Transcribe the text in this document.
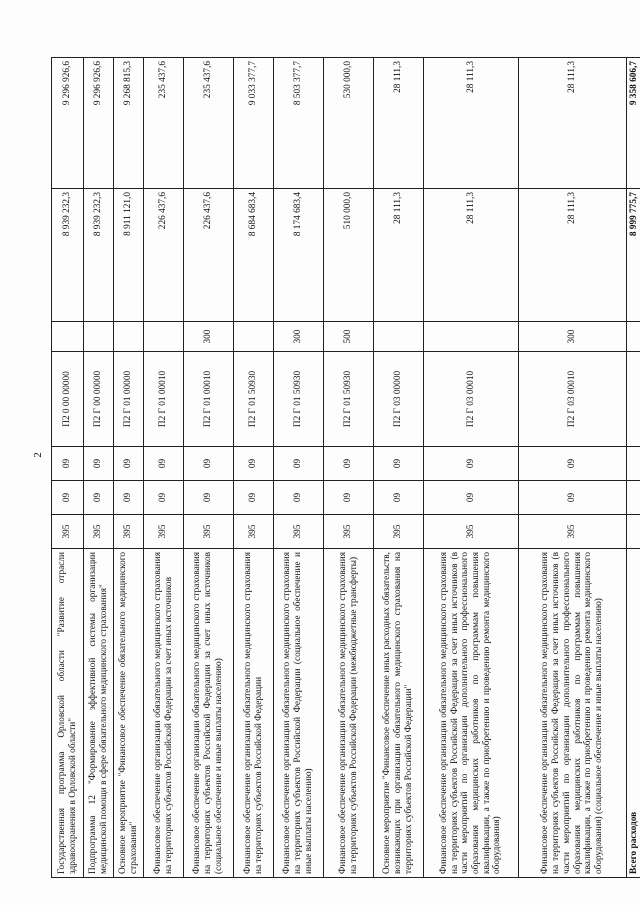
2
Государственная программа Орловской области "Развитие отрасли здравоохранения в Орловской области"	395	09	09	П2 0 00 00000		8 939 232,3	9 296 926,6
Подпрограмма 12 "Формирование эффективной системы организации медицинской помощи в сфере обязательного медицинского страхования"	395	09	09	П2 Г 00 00000		8 939 232,3	9 296 926,6
Основное мероприятие "Финансовое обеспечение обязательного медицинского страхования"	395	09	09	П2 Г 01 00000		8 911 121,0	9 268 815,3
Финансовое обеспечение организации обязательного медицинского страхования на территориях субъектов Российской Федерации за счет иных источников	395	09	09	П2 Г 01 00010		226 437,6	235 437,6
Финансовое обеспечение организации обязательного медицинского страхования на территориях субъектов Российской Федерации за счет иных источников (социальное обеспечение и иные выплаты населению)	395	09	09	П2 Г 01 00010	300	226 437,6	235 437,6
Финансовое обеспечение организации обязательного медицинского страхования на территориях субъектов Российской Федерации	395	09	09	П2 Г 01 50930		8 684 683,4	9 033 377,7
Финансовое обеспечение организации обязательного медицинского страхования на территориях субъектов Российской Федерации (социальное обеспечение и иные выплаты населению)	395	09	09	П2 Г 01 50930	300	8 174 683,4	8 503 377,7
Финансовое обеспечение организации обязательного медицинского страхования на территориях субъектов Российской Федерации (межбюджетные трансферты)	395	09	09	П2 Г 01 50930	500	510 000,0	530 000,0
Основное мероприятие "Финансовое обеспечение иных расходных обязательств, возникающих при организации обязательного медицинского страхования на территориях субъектов Российской Федерации"	395	09	09	П2 Г 03 00000		28 111,3	28 111,3
Финансовое обеспечение организации обязательного медицинского страхования на территориях субъектов Российской Федерации за счет иных источников (в части мероприятий по организации дополнительного профессионального образования медицинских работников по программам повышения квалификации, а также по приобретению и проведению ремонта медицинского оборудования)	395	09	09	П2 Г 03 00010		28 111,3	28 111,3
Финансовое обеспечение организации обязательного медицинского страхования на территориях субъектов Российской Федерации за счет иных источников (в части мероприятий по организации дополнительного профессионального образования медицинских работников по программам повышения квалификации, а также по приобретению и проведению ремонта медицинского оборудования) (социальное обеспечение и иные выплаты населению)	395	09	09	П2 Г 03 00010	300	28 111,3	28 111,3
Всего расходов						8 999 775,7	9 358 606,7
